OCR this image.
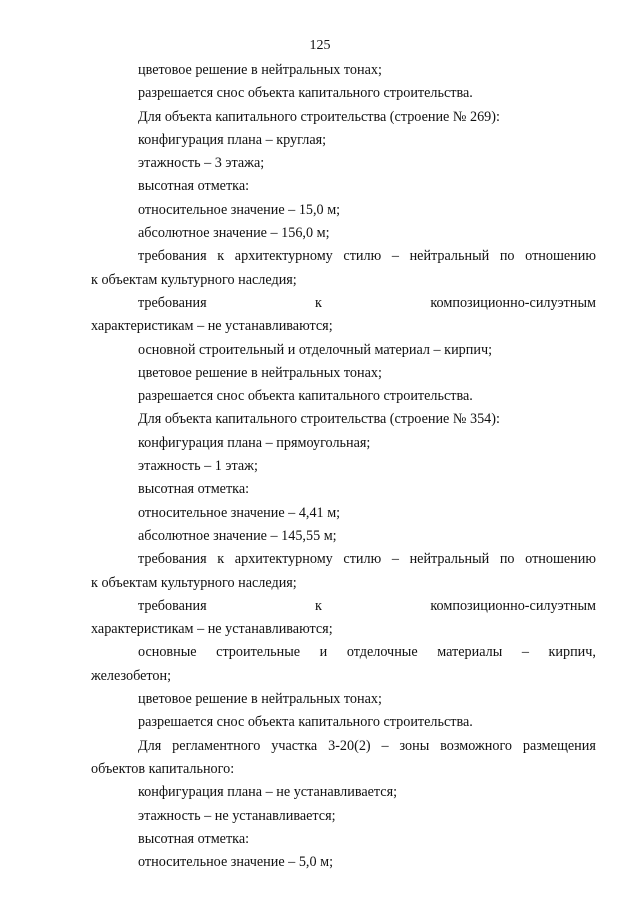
125
цветовое решение в нейтральных тонах;
разрешается снос объекта капитального строительства.
Для объекта капитального строительства (строение № 269):
конфигурация плана – круглая;
этажность – 3 этажа;
высотная отметка:
относительное значение – 15,0 м;
абсолютное значение – 156,0 м;
требования к архитектурному стилю – нейтральный по отношению
к объектам культурного наследия;
требования	к	композиционно-силуэтным
характеристикам – не устанавливаются;
основной строительный и отделочный материал – кирпич;
цветовое решение в нейтральных тонах;
разрешается снос объекта капитального строительства.
Для объекта капитального строительства (строение № 354):
конфигурация плана – прямоугольная;
этажность – 1 этаж;
высотная отметка:
относительное значение – 4,41 м;
абсолютное значение – 145,55 м;
требования к архитектурному стилю – нейтральный по отношению
к объектам культурного наследия;
требования	к	композиционно-силуэтным
характеристикам – не устанавливаются;
основные строительные и отделочные материалы – кирпич,
железобетон;
цветовое решение в нейтральных тонах;
разрешается снос объекта капитального строительства.
Для регламентного участка 3-20(2) – зоны возможного размещения
объектов капитального:
конфигурация плана – не устанавливается;
этажность – не устанавливается;
высотная отметка:
относительное значение – 5,0 м;
